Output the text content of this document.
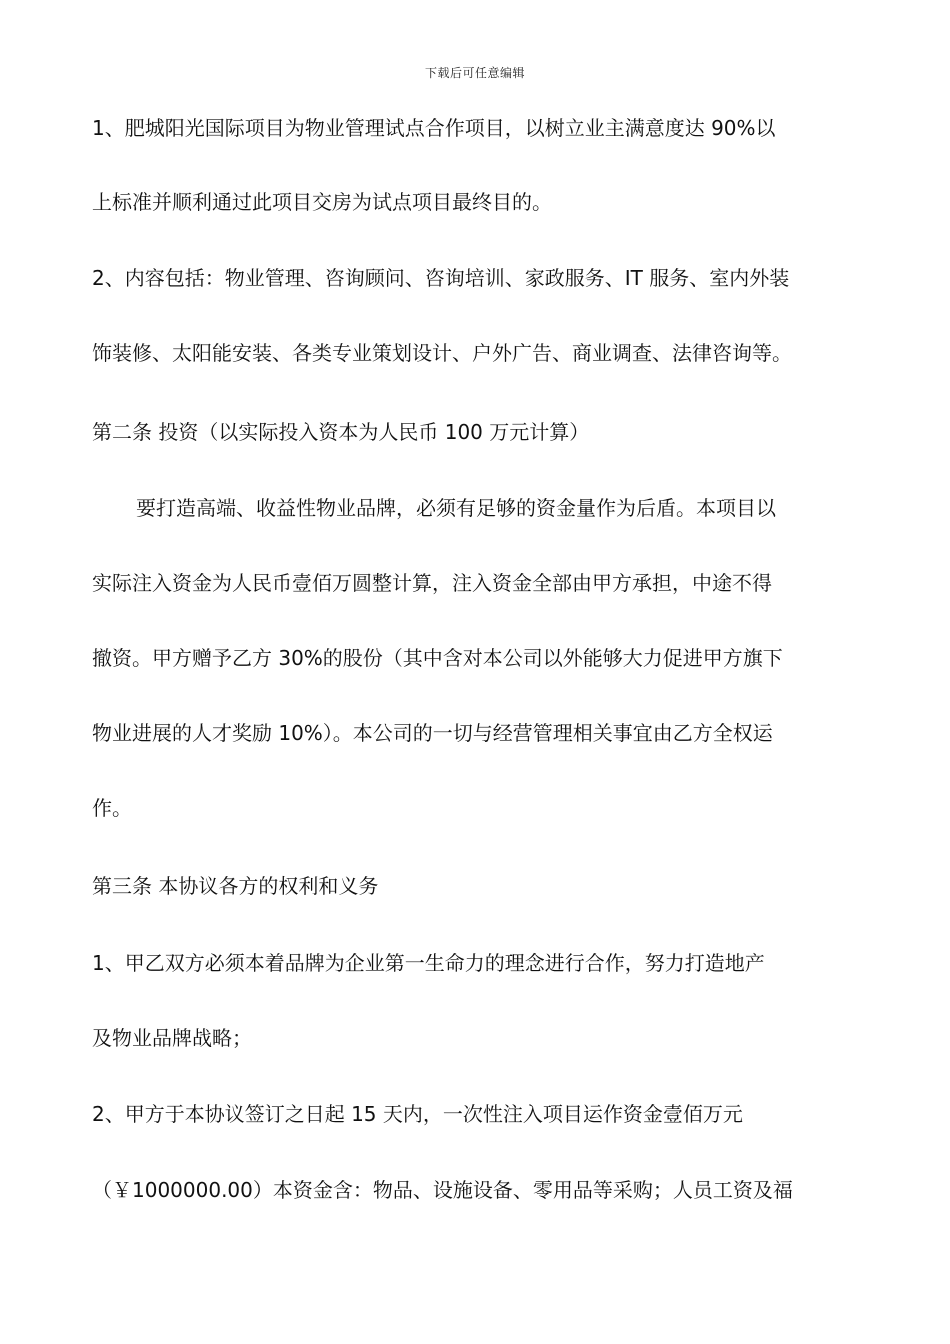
下载后可任意编辑
1、肥城阳光国际项目为物业管理试点合作项目，以树立业主满意度达 90%以
上标准并顺利通过此项目交房为试点项目最终目的。
2、内容包括：物业管理、咨询顾问、咨询培训、家政服务、IT 服务、室内外装
饰装修、太阳能安装、各类专业策划设计、户外广告、商业调查、法律咨询等。
第二条 投资（以实际投入资本为人民币 100 万元计算）
要打造高端、收益性物业品牌，必须有足够的资金量作为后盾。本项目以
实际注入资金为人民币壹佰万圆整计算，注入资金全部由甲方承担，中途不得
撤资。甲方赠予乙方 30%的股份（其中含对本公司以外能够大力促进甲方旗下
物业进展的人才奖励 10%）。本公司的一切与经营管理相关事宜由乙方全权运
作。
第三条 本协议各方的权利和义务
1、甲乙双方必须本着品牌为企业第一生命力的理念进行合作，努力打造地产
及物业品牌战略；
2、甲方于本协议签订之日起 15 天内，一次性注入项目运作资金壹佰万元
（￥1000000.00）本资金含：物品、设施设备、零用品等采购；人员工资及福
